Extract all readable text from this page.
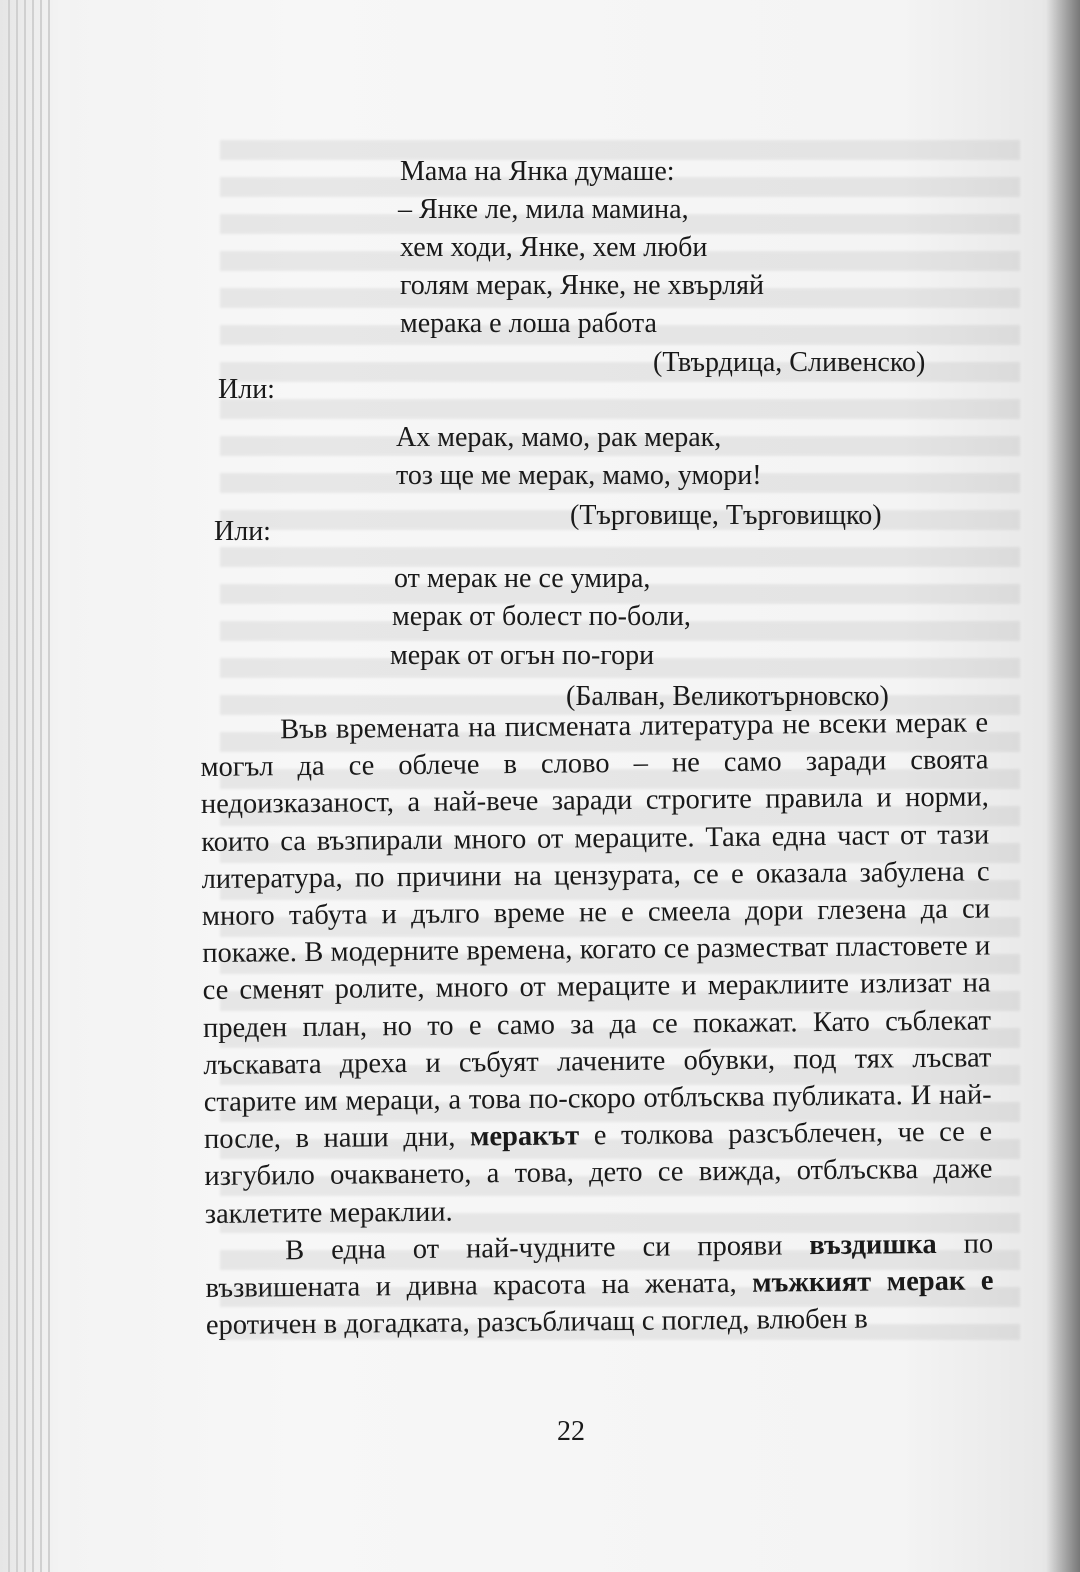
Мама на Янка думаше:
– Янке ле, мила мамина,
хем ходи, Янке, хем люби
голям мерак, Янке, не хвърляй
мерака е лоша работа
(Твърдица, Сливенско)
Или:
Ах мерак, мамо, рак мерак,
тоз ще ме мерак, мамо, умори!
(Търговище, Търговищко)
Или:
от мерак не се умира,
мерак от болест по-боли,
мерак от огън по-гори
(Балван, Великотърновско)

Във времената на писмената литература не всеки мерак е могъл да се облече в слово – не само заради своята недоизказаност, а най-вече заради строгите правила и норми, които са възпирали много от мераците. Така една част от тази литература, по причини на цензурата, се е оказала забулена с много табута и дълго време не е смеела дори глезена да си покаже. В модерните времена, когато се разместват пластовете и се сменят ролите, много от мераците и мераклиите излизат на преден план, но то е само за да се покажат. Като съблекат лъскавата дреха и събуят лачените обувки, под тях лъсват старите им мераци, а това по-скоро отблъсква публиката. И най-после, в наши дни, меракът е толкова разсъблечен, че се е изгубило очакването, а това, дето се вижда, отблъсква даже заклетите мераклии.

В една от най-чудните си прояви въздишка по възвишената и дивна красота на жената, мъжкият мерак е еротичен в догадката, разсъбличащ с поглед, влюбен в

22
